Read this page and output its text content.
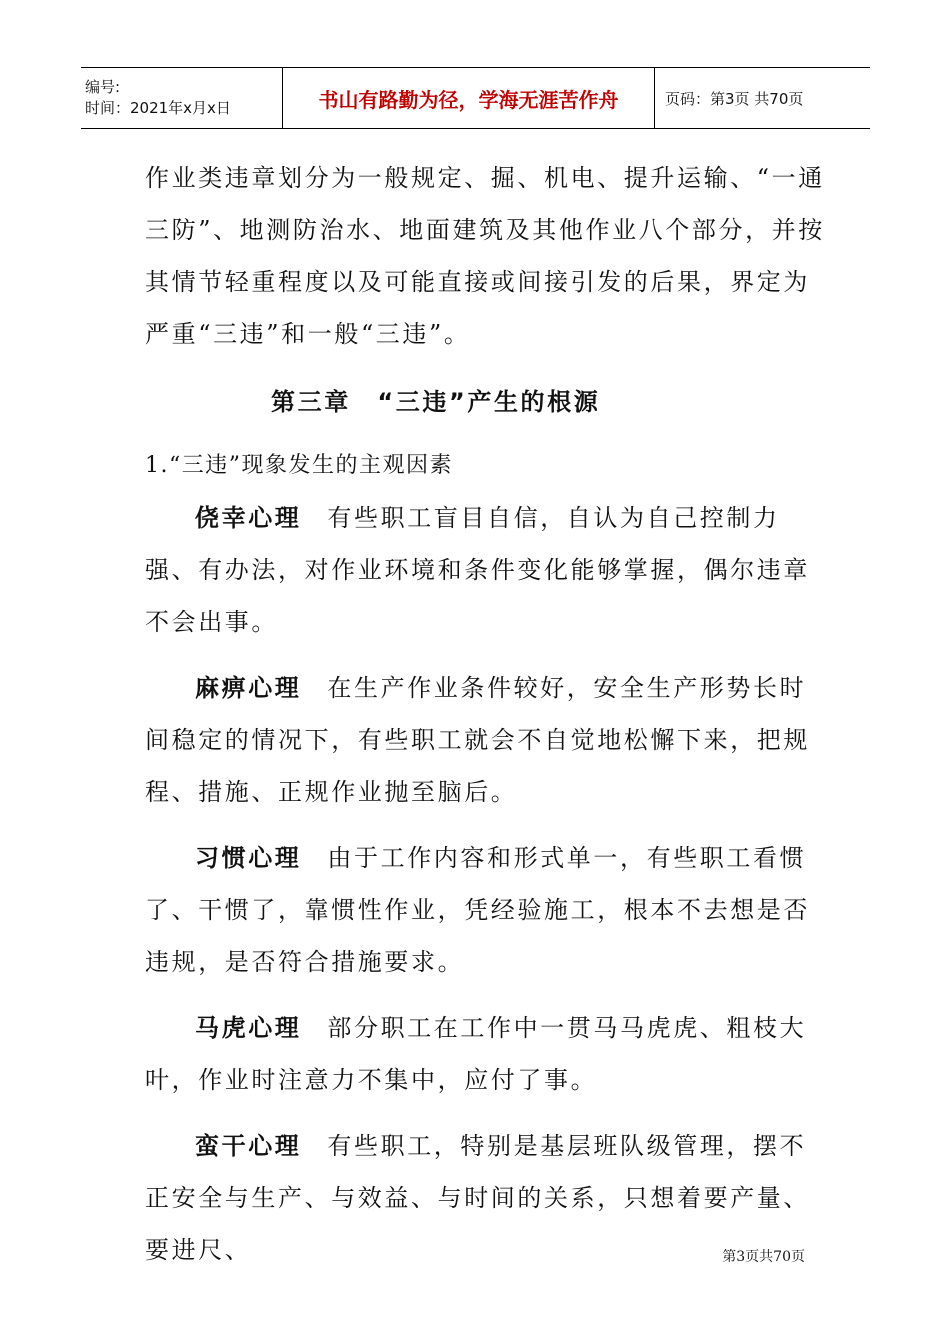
编号:
时间：2021年x月x日	书山有路勤为径，学海无涯苦作舟	页码：第3页 共70页

作业类违章划分为一般规定、掘、机电、提升运输、“一通三防”、地测防治水、地面建筑及其他作业八个部分，并按其情节轻重程度以及可能直接或间接引发的后果，界定为严重“三违”和一般“三违”。

第三章　“三违”产生的根源

1.“三违”现象发生的主观因素

侥幸心理 有些职工盲目自信，自认为自己控制力强、有办法，对作业环境和条件变化能够掌握，偶尔违章不会出事。

麻痹心理 在生产作业条件较好，安全生产形势长时间稳定的情况下，有些职工就会不自觉地松懈下来，把规程、措施、正规作业抛至脑后。

习惯心理 由于工作内容和形式单一，有些职工看惯了、干惯了，靠惯性作业，凭经验施工，根本不去想是否违规，是否符合措施要求。

马虎心理 部分职工在工作中一贯马马虎虎、粗枝大叶，作业时注意力不集中，应付了事。

蛮干心理 有些职工，特别是基层班队级管理，摆不正安全与生产、与效益、与时间的关系，只想着要产量、要进尺、	第3页共70页
